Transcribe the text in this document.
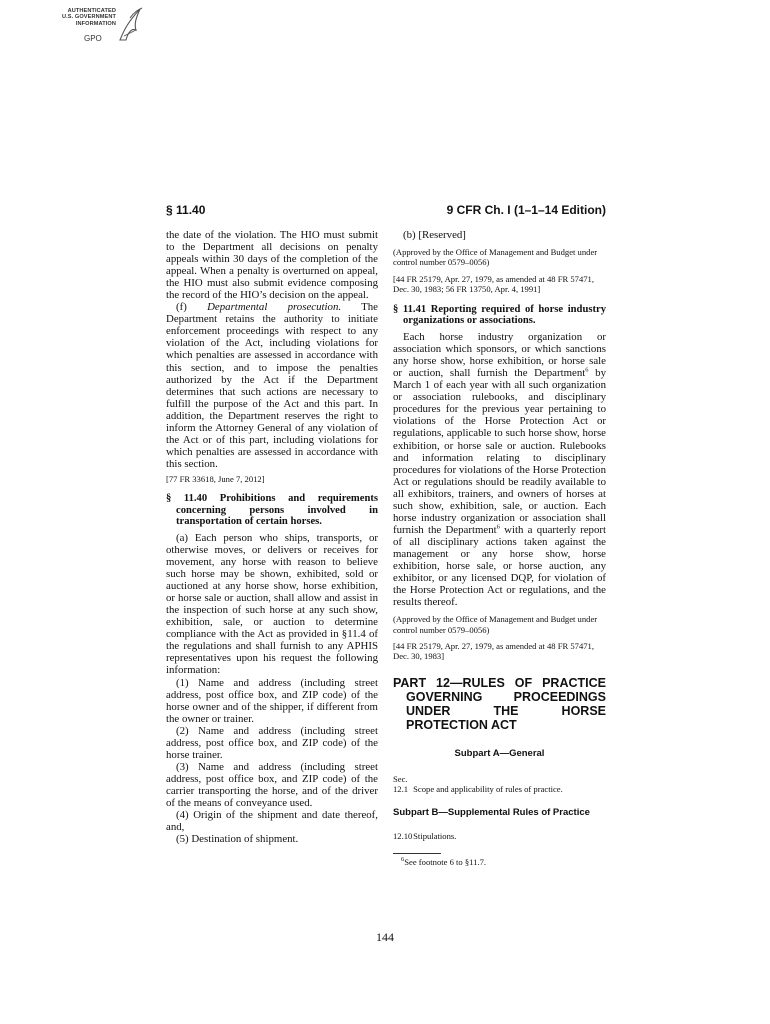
AUTHENTICATED
U.S. GOVERNMENT
INFORMATION
GPO
§ 11.40	9 CFR Ch. I (1–1–14 Edition)

the date of the violation. The HIO must submit to the Department all decisions on penalty appeals within 30 days of the completion of the appeal. When a penalty is overturned on appeal, the HIO must also submit evidence composing the record of the HIO’s decision on the appeal.

(f) Departmental prosecution. The Department retains the authority to initiate enforcement proceedings with respect to any violation of the Act, including violations for which penalties are assessed in accordance with this section, and to impose the penalties authorized by the Act if the Department determines that such actions are necessary to fulfill the purpose of the Act and this part. In addition, the Department reserves the right to inform the Attorney General of any violation of the Act or of this part, including violations for which penalties are assessed in accordance with this section.

[77 FR 33618, June 7, 2012]
§ 11.40 Prohibitions and requirements concerning persons involved in transportation of certain horses.

(a) Each person who ships, transports, or otherwise moves, or delivers or receives for movement, any horse with reason to believe such horse may be shown, exhibited, sold or auctioned at any horse show, horse exhibition, or horse sale or auction, shall allow and assist in the inspection of such horse at any such show, exhibition, sale, or auction to determine compliance with the Act as provided in §11.4 of the regulations and shall furnish to any APHIS representatives upon his request the following information:

(1) Name and address (including street address, post office box, and ZIP code) of the horse owner and of the shipper, if different from the owner or trainer.

(2) Name and address (including street address, post office box, and ZIP code) of the horse trainer.

(3) Name and address (including street address, post office box, and ZIP code) of the carrier transporting the horse, and of the driver of the means of conveyance used.

(4) Origin of the shipment and date thereof, and,

(5) Destination of shipment.

(b) [Reserved]

(Approved by the Office of Management and Budget under control number 0579–0056)
[44 FR 25179, Apr. 27, 1979, as amended at 48 FR 57471, Dec. 30, 1983; 56 FR 13750, Apr. 4, 1991]
§ 11.41 Reporting required of horse industry organizations or associations.

Each horse industry organization or association which sponsors, or which sanctions any horse show, horse exhibition, or horse sale or auction, shall furnish the Department$^6$ by March 1 of each year with all such organization or association rulebooks, and disciplinary procedures for the previous year pertaining to violations of the Horse Protection Act or regulations, applicable to such horse show, horse exhibition, or horse sale or auction. Rulebooks and information relating to disciplinary procedures for violations of the Horse Protection Act or regulations should be readily available to all exhibitors, trainers, and owners of horses at such show, exhibition, sale, or auction. Each horse industry organization or association shall furnish the Department$^6$ with a quarterly report of all disciplinary actions taken against the management or any horse show, horse exhibition, horse sale, or horse auction, any exhibitor, or any licensed DQP, for violation of the Horse Protection Act or regulations, and the results thereof.

(Approved by the Office of Management and Budget under control number 0579–0056)
[44 FR 25179, Apr. 27, 1979, as amended at 48 FR 57471, Dec. 30, 1983]
PART 12—RULES OF PRACTICE GOVERNING PROCEEDINGS UNDER THE HORSE PROTECTION ACT
Subpart A—General
Sec.
12.1 Scope and applicability of rules of practice.
Subpart B—Supplemental Rules of Practice
12.10 Stipulations.
$^6$See footnote 6 to §11.7.
144
